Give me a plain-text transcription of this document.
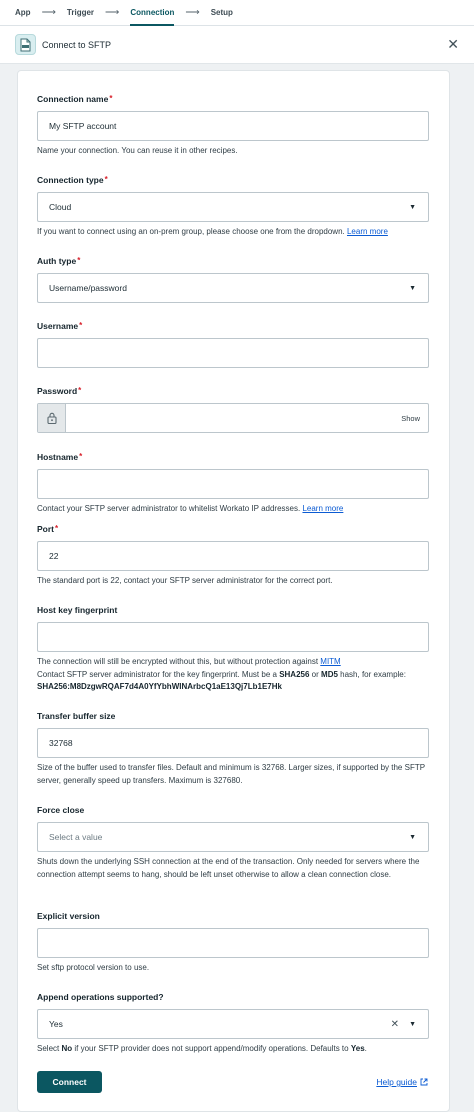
App ⟶ Trigger ⟶ Connection ⟶ Setup
Connect to SFTP	✕
Connection name*
My SFTP account
Name your connection. You can reuse it in other recipes.
Connection type*
Cloud	▼
If you want to connect using an on-prem group, please choose one from the dropdown. Learn more
Auth type*
Username/password	▼
Username*
Password*
Show
Hostname*
Contact your SFTP server administrator to whitelist Workato IP addresses. Learn more
Port*
22
The standard port is 22, contact your SFTP server administrator for the correct port.
Host key fingerprint
The connection will still be encrypted without this, but without protection against MITM
Contact SFTP server administrator for the key fingerprint. Must be a SHA256 or MD5 hash, for example:
SHA256:M8DzgwRQAF7d4A0YfYbhWINArbcQ1aE13Qj7Lb1E7Hk
Transfer buffer size
32768
Size of the buffer used to transfer files. Default and minimum is 32768. Larger sizes, if supported by the SFTP server, generally speed up transfers. Maximum is 327680.
Force close
Select a value	▼
Shuts down the underlying SSH connection at the end of the transaction. Only needed for servers where the connection attempt seems to hang, should be left unset otherwise to allow a clean connection close.
Explicit version
Set sftp protocol version to use.
Append operations supported?
Yes	✕ ▼
Select No if your SFTP provider does not support append/modify operations. Defaults to Yes.
Connect	Help guide
